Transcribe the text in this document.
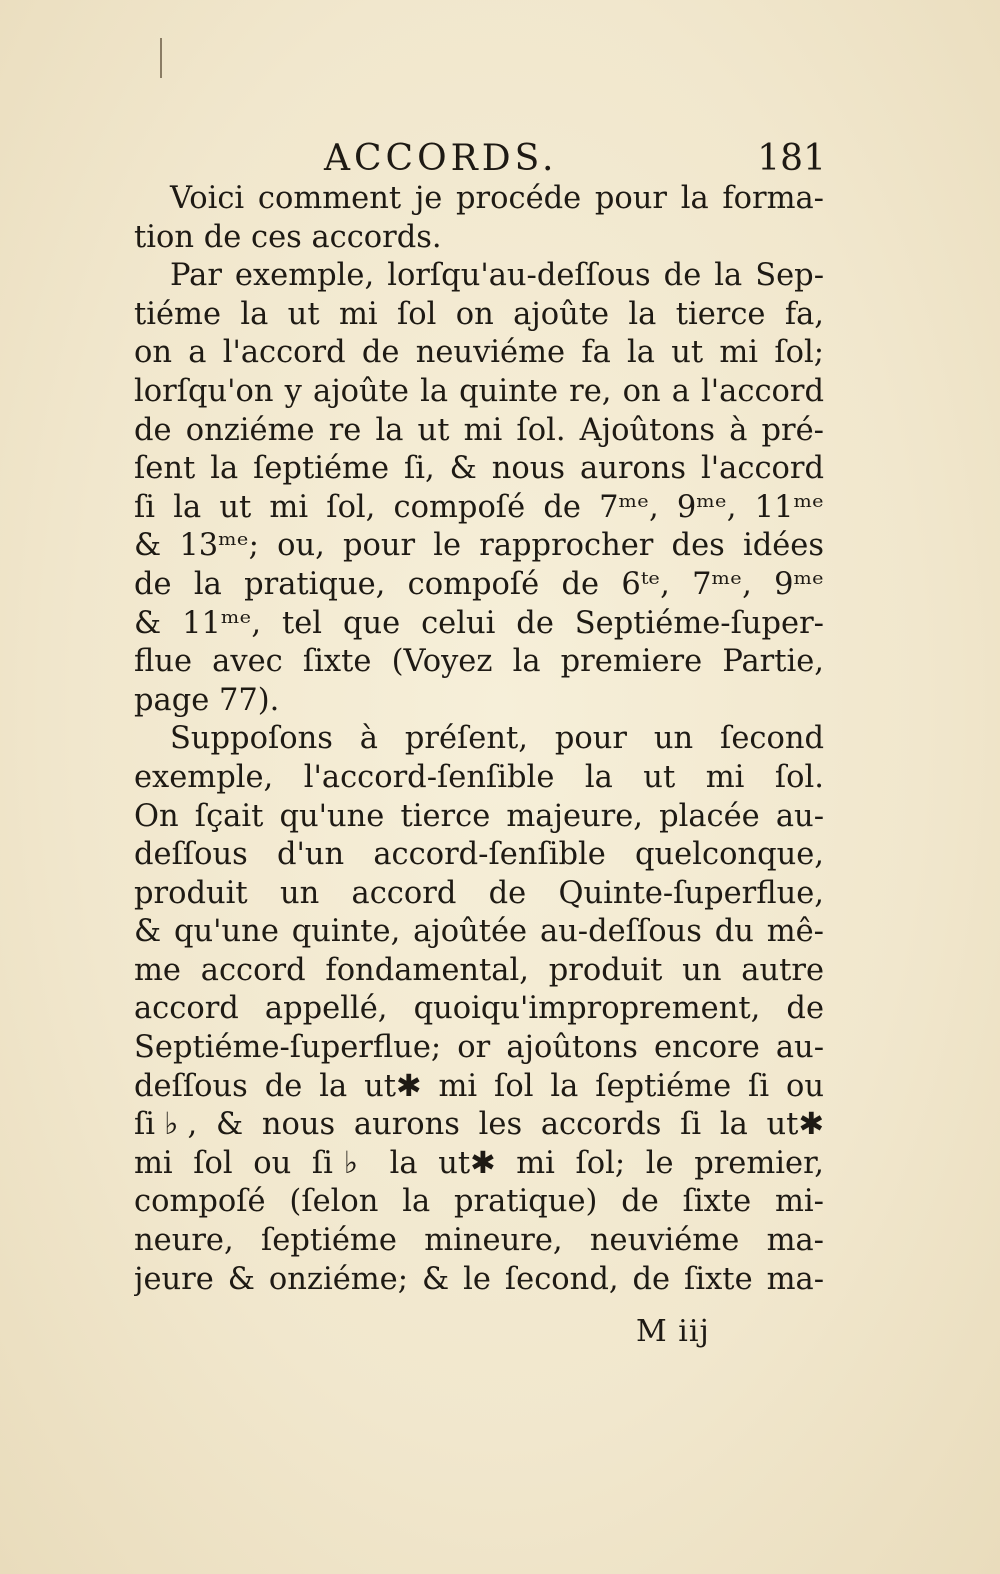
ACCORDS.	181
Voici comment je procéde pour la forma-
tion de ces accords.
Par exemple, lorſqu'au-deſſous de la Sep-
tiéme la ut mi ſol on ajoûte la tierce fa,
on a l'accord de neuviéme fa la ut mi ſol;
lorſqu'on y ajoûte la quinte re, on a l'accord
de onziéme re la ut mi ſol. Ajoûtons à pré-
ſent la ſeptiéme ſi, & nous aurons l'accord
ſi la ut mi ſol, compoſé de 7ᵐᵉ, 9ᵐᵉ, 11ᵐᵉ
& 13ᵐᵉ; ou, pour le rapprocher des idées
de la pratique, compoſé de 6ᵗᵉ, 7ᵐᵉ, 9ᵐᵉ
& 11ᵐᵉ, tel que celui de Septiéme-ſuper-
flue avec ſixte (Voyez la premiere Partie,
page 77).
Suppoſons à préſent, pour un ſecond
exemple, l'accord-ſenſible la ut mi ſol.
On ſçait qu'une tierce majeure, placée au-
deſſous d'un accord-ſenſible quelconque,
produit un accord de Quinte-ſuperflue,
& qu'une quinte, ajoûtée au-deſſous du mê-
me accord fondamental, produit un autre
accord appellé, quoiqu'improprement, de
Septiéme-ſuperflue; or ajoûtons encore au-
deſſous de la ut✱ mi ſol la ſeptiéme ſi ou
ſi♭, & nous aurons les accords ſi la ut✱
mi ſol ou ſi♭ la ut✱ mi ſol; le premier,
compoſé (ſelon la pratique) de ſixte mi-
neure, ſeptiéme mineure, neuviéme ma-
jeure & onziéme; & le ſecond, de ſixte ma-
M iij
